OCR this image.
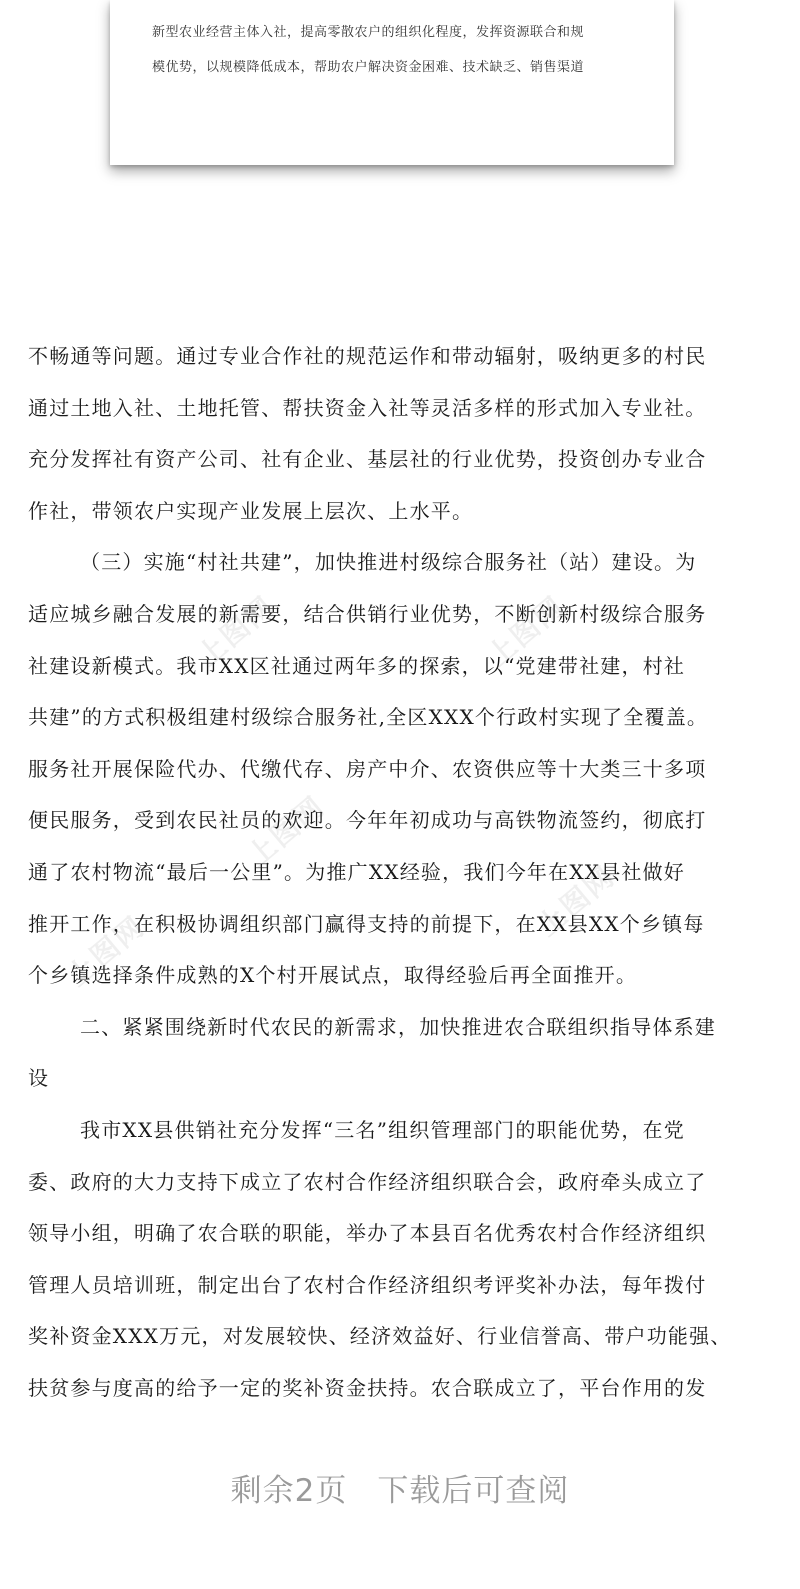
新型农业经营主体入社，提高零散农户的组织化程度，发挥资源联合和规

模优势，以规模降低成本，帮助农户解决资金困难、技术缺乏、销售渠道

上图网	上图网
上图网
上图网
上图网

不畅通等问题。通过专业合作社的规范运作和带动辐射，吸纳更多的村民

通过土地入社、土地托管、帮扶资金入社等灵活多样的形式加入专业社。

充分发挥社有资产公司、社有企业、基层社的行业优势，投资创办专业合

作社，带领农户实现产业发展上层次、上水平。

（三）实施“村社共建”，加快推进村级综合服务社（站）建设。为

适应城乡融合发展的新需要，结合供销行业优势，不断创新村级综合服务

社建设新模式。我市XX区社通过两年多的探索，以“党建带社建，村社

共建”的方式积极组建村级综合服务社,全区XXX个行政村实现了全覆盖。

服务社开展保险代办、代缴代存、房产中介、农资供应等十大类三十多项

便民服务，受到农民社员的欢迎。今年年初成功与高铁物流签约，彻底打

通了农村物流“最后一公里”。为推广XX经验，我们今年在XX县社做好

推开工作，在积极协调组织部门赢得支持的前提下，在XX县XX个乡镇每

个乡镇选择条件成熟的X个村开展试点，取得经验后再全面推开。

二、紧紧围绕新时代农民的新需求，加快推进农合联组织指导体系建

设

我市XX县供销社充分发挥“三名”组织管理部门的职能优势，在党

委、政府的大力支持下成立了农村合作经济组织联合会，政府牵头成立了

领导小组，明确了农合联的职能，举办了本县百名优秀农村合作经济组织

管理人员培训班，制定出台了农村合作经济组织考评奖补办法，每年拨付

奖补资金XXX万元，对发展较快、经济效益好、行业信誉高、带户功能强、

扶贫参与度高的给予一定的奖补资金扶持。农合联成立了，平台作用的发

剩余2页 下载后可查阅
